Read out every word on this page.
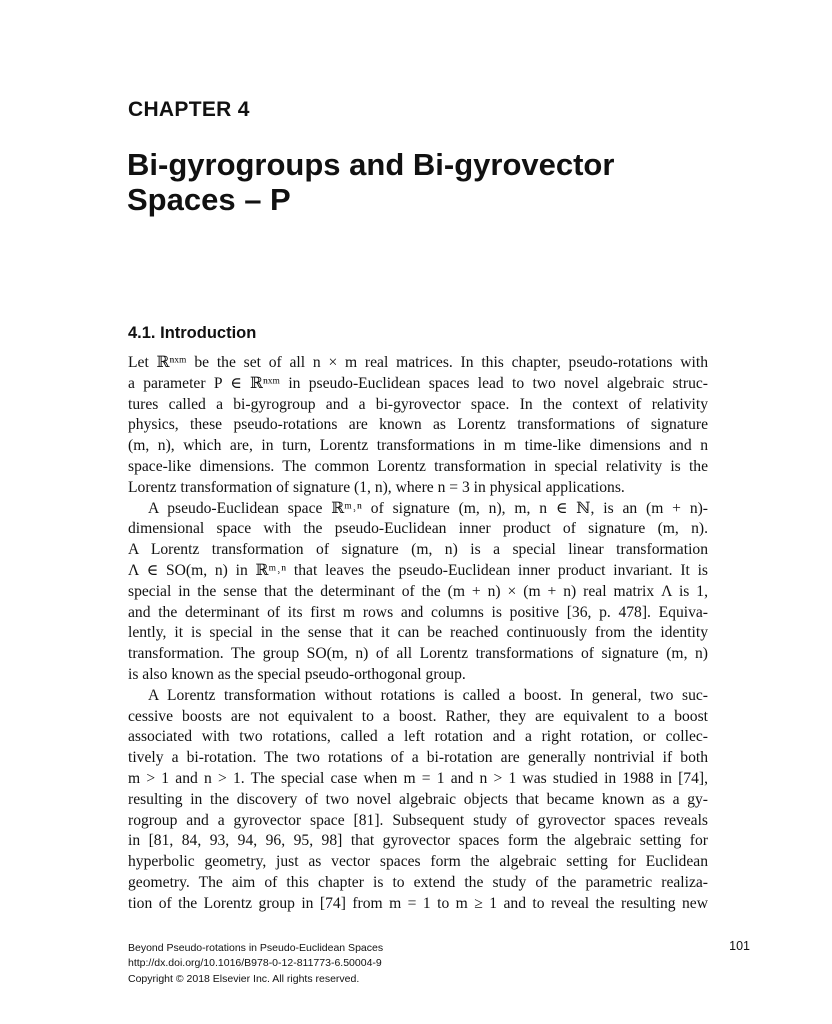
CHAPTER 4
Bi-gyrogroups and Bi-gyrovector
Spaces – P
4.1. Introduction
Let ℝⁿˣᵐ be the set of all n × m real matrices. In this chapter, pseudo-rotations with
a parameter P ∈ ℝⁿˣᵐ in pseudo-Euclidean spaces lead to two novel algebraic struc-
tures called a bi-gyrogroup and a bi-gyrovector space. In the context of relativity
physics, these pseudo-rotations are known as Lorentz transformations of signature
(m, n), which are, in turn, Lorentz transformations in m time-like dimensions and n
space-like dimensions. The common Lorentz transformation in special relativity is the
Lorentz transformation of signature (1, n), where n = 3 in physical applications.
A pseudo-Euclidean space ℝᵐ˒ⁿ of signature (m, n), m, n ∈ ℕ, is an (m + n)-
dimensional space with the pseudo-Euclidean inner product of signature (m, n).
A Lorentz transformation of signature (m, n) is a special linear transformation
Λ ∈ SO(m, n) in ℝᵐ˒ⁿ that leaves the pseudo-Euclidean inner product invariant. It is
special in the sense that the determinant of the (m + n) × (m + n) real matrix Λ is 1,
and the determinant of its first m rows and columns is positive [36, p. 478]. Equiva-
lently, it is special in the sense that it can be reached continuously from the identity
transformation. The group SO(m, n) of all Lorentz transformations of signature (m, n)
is also known as the special pseudo-orthogonal group.
A Lorentz transformation without rotations is called a boost. In general, two suc-
cessive boosts are not equivalent to a boost. Rather, they are equivalent to a boost
associated with two rotations, called a left rotation and a right rotation, or collec-
tively a bi-rotation. The two rotations of a bi-rotation are generally nontrivial if both
m > 1 and n > 1. The special case when m = 1 and n > 1 was studied in 1988 in [74],
resulting in the discovery of two novel algebraic objects that became known as a gy-
rogroup and a gyrovector space [81]. Subsequent study of gyrovector spaces reveals
in [81, 84, 93, 94, 96, 95, 98] that gyrovector spaces form the algebraic setting for
hyperbolic geometry, just as vector spaces form the algebraic setting for Euclidean
geometry. The aim of this chapter is to extend the study of the parametric realiza-
tion of the Lorentz group in [74] from m = 1 to m ≥ 1 and to reveal the resulting new
Beyond Pseudo-rotations in Pseudo-Euclidean Spaces
http://dx.doi.org/10.1016/B978-0-12-811773-6.50004-9
Copyright © 2018 Elsevier Inc. All rights reserved.
101
